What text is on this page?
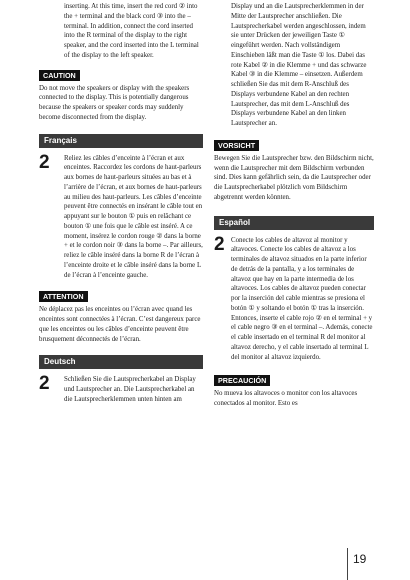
inserting. At this time, insert the red cord ② into the + terminal and the black cord ③ into the – terminal. In addition, connect the cord inserted into the R terminal of the display to the right speaker, and the cord inserted into the L terminal of the display to the left speaker.
CAUTION
Do not move the speakers or display with the speakers connected to the display. This is potentially dangerous because the speakers or speaker cords may suddenly become disconnected from the display.
Français
2	Reliez les câbles d’enceinte à l’écran et aux enceintes. Raccordez les cordons de haut-parleurs aux bornes de haut-parleurs situées au bas et à l’arrière de l’écran, et aux bornes de haut-parleurs au milieu des haut-parleurs. Les câbles d’enceinte peuvent être connectés en insérant le câble tout en appuyant sur le bouton ① puis en relâchant ce bouton ① une fois que le câble est inséré. A ce moment, insérez le cordon rouge ② dans la borne + et le cordon noir ③ dans la borne –. Par ailleurs, reliez le câble inséré dans la borne R de l’écran à l’enceinte droite et le câble inséré dans la borne L de l’écran à l’enceinte gauche.
ATTENTION
Ne déplacez pas les enceintes ou l’écran avec quand les enceintes sont connectées à l’écran. C’est dangereux parce que les enceintes ou les câbles d’enceinte peuvent être brusquement déconnectés de l’écran.
Deutsch
2	Schließen Sie die Lautsprecherkabel an Display und Lautsprecher an. Die Lautsprecherkabel an die Lautsprecherklemmen unten hinten am
Display und an die Lautsprecherklemmen in der Mitte der Lautsprecher anschließen. Die Lautsprecherkabel werden angeschlossen, indem sie unter Drücken der jeweiligen Taste ① eingeführt werden. Nach vollständigem Einschieben läßt man die Taste ① los. Dabei das rote Kabel ② in die Klemme + und das schwarze Kabel ③ in die Klemme – einsetzen. Außerdem schließen Sie das mit dem R-Anschluß des Displays verbundene Kabel an den rechten Lautsprecher, das mit dem L-Anschluß des Displays verbundene Kabel an den linken Lautsprecher an.
VORSICHT
Bewegen Sie die Lautsprecher bzw. den Bildschirm nicht, wenn die Lautsprecher mit dem Bildschirm verbunden sind. Dies kann gefährlich sein, da die Lautsprecher oder die Lautsprecherkabel plötzlich vom Bildschirm abgetrennt werden könnten.
Español
2 Conecte los cables de altavoz al monitor y altavoces. Conecte los cables de altavoz a los terminales de altavoz situados en la parte inferior de detrás de la pantalla, y a los terminales de altavoz que hay en la parte intermedia de los altavoces. Los cables de altavoz pueden conectar por la inserción del cable mientras se presiona el botón ① y soltando el botón ① tras la inserción. Entonces, inserte el cable rojo ② en el terminal + y el cable negro ③ en el terminal –. Además, conecte el cable insertado en el terminal R del monitor al altavoz derecho, y el cable insertado al terminal L del monitor al altavoz izquierdo.
PRECAUCIÓN
No mueva los altavoces o monitor con los altavoces conectados al monitor. Esto es
19
